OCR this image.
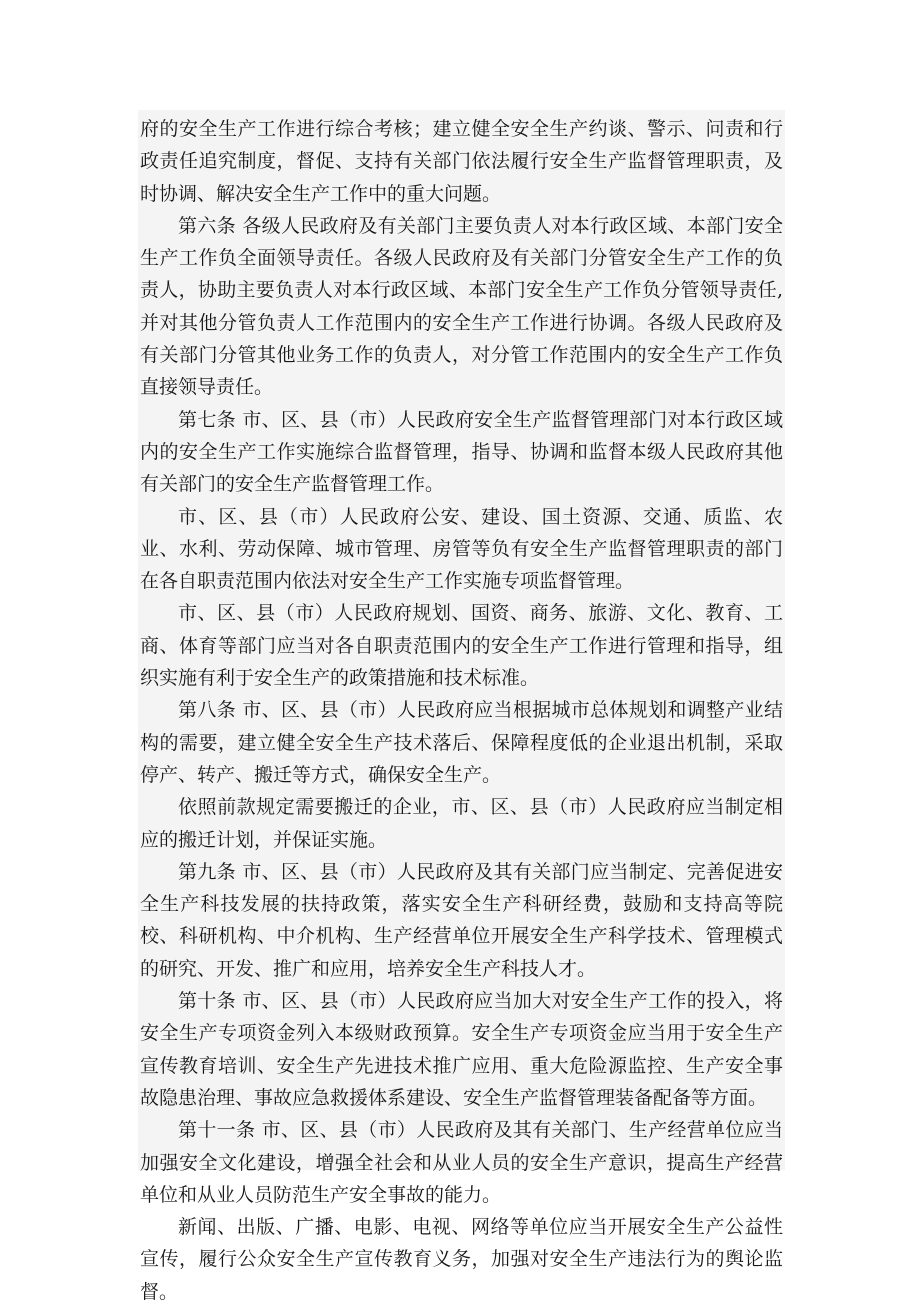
府的安全生产工作进行综合考核；建立健全安全生产约谈、警示、问责和行政责任追究制度，督促、支持有关部门依法履行安全生产监督管理职责，及时协调、解决安全生产工作中的重大问题。

第六条 各级人民政府及有关部门主要负责人对本行政区域、本部门安全生产工作负全面领导责任。各级人民政府及有关部门分管安全生产工作的负责人，协助主要负责人对本行政区域、本部门安全生产工作负分管领导责任,并对其他分管负责人工作范围内的安全生产工作进行协调。各级人民政府及有关部门分管其他业务工作的负责人，对分管工作范围内的安全生产工作负直接领导责任。

第七条 市、区、县（市）人民政府安全生产监督管理部门对本行政区域内的安全生产工作实施综合监督管理，指导、协调和监督本级人民政府其他有关部门的安全生产监督管理工作。

市、区、县（市）人民政府公安、建设、国土资源、交通、质监、农业、水利、劳动保障、城市管理、房管等负有安全生产监督管理职责的部门在各自职责范围内依法对安全生产工作实施专项监督管理。

市、区、县（市）人民政府规划、国资、商务、旅游、文化、教育、工商、体育等部门应当对各自职责范围内的安全生产工作进行管理和指导，组织实施有利于安全生产的政策措施和技术标准。

第八条 市、区、县（市）人民政府应当根据城市总体规划和调整产业结构的需要，建立健全安全生产技术落后、保障程度低的企业退出机制，采取停产、转产、搬迁等方式，确保安全生产。

依照前款规定需要搬迁的企业，市、区、县（市）人民政府应当制定相应的搬迁计划，并保证实施。

第九条 市、区、县（市）人民政府及其有关部门应当制定、完善促进安全生产科技发展的扶持政策，落实安全生产科研经费，鼓励和支持高等院校、科研机构、中介机构、生产经营单位开展安全生产科学技术、管理模式的研究、开发、推广和应用，培养安全生产科技人才。

第十条 市、区、县（市）人民政府应当加大对安全生产工作的投入，将安全生产专项资金列入本级财政预算。安全生产专项资金应当用于安全生产宣传教育培训、安全生产先进技术推广应用、重大危险源监控、生产安全事故隐患治理、事故应急救援体系建设、安全生产监督管理装备配备等方面。

第十一条 市、区、县（市）人民政府及其有关部门、生产经营单位应当加强安全文化建设，增强全社会和从业人员的安全生产意识，提高生产经营单位和从业人员防范生产安全事故的能力。

新闻、出版、广播、电影、电视、网络等单位应当开展安全生产公益性宣传，履行公众安全生产宣传教育义务，加强对安全生产违法行为的舆论监督。
